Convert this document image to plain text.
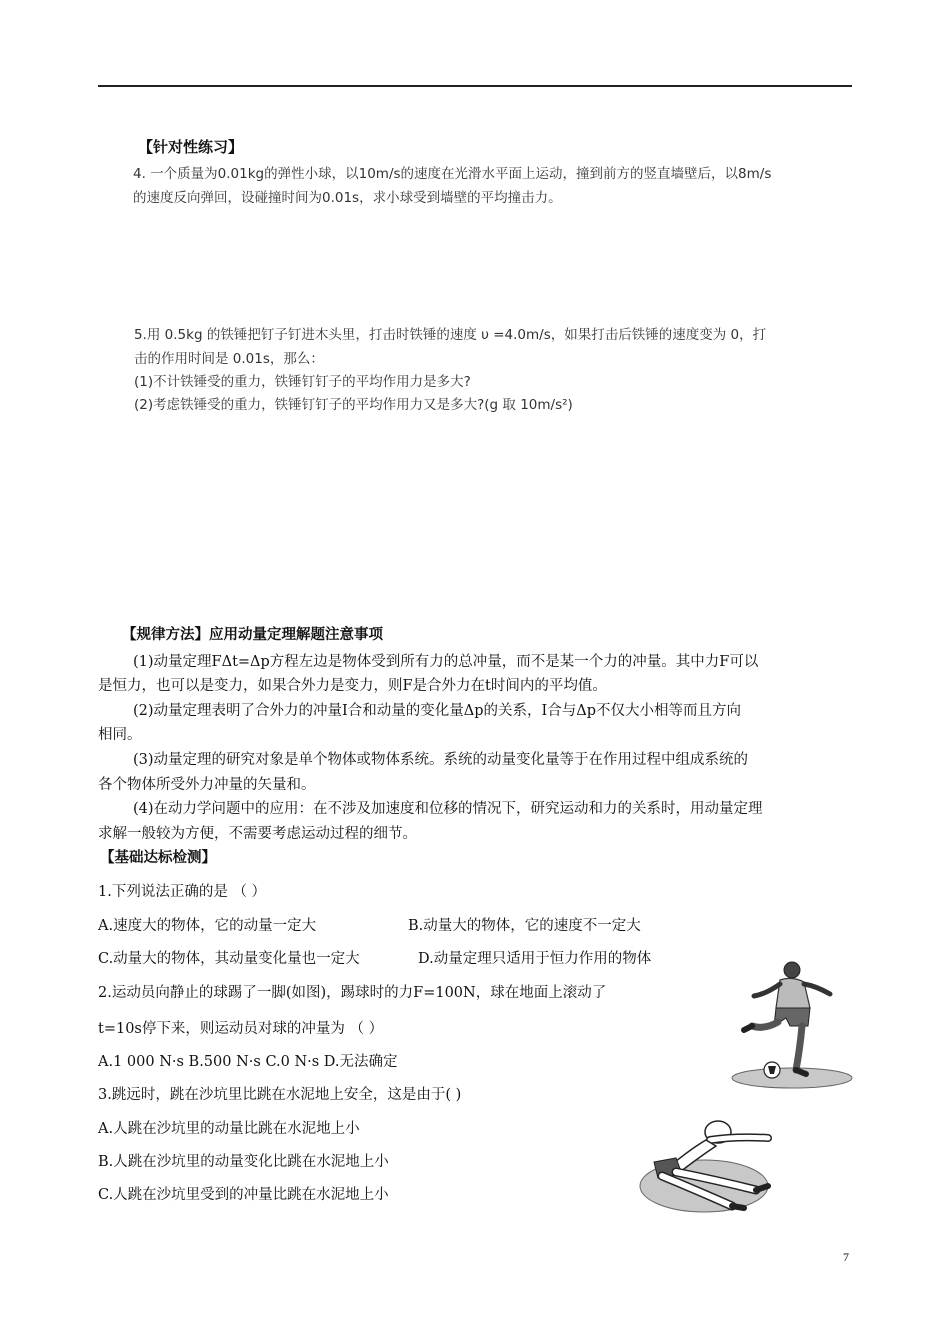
【针对性练习】
4. 一个质量为0.01kg的弹性小球，以10m/s的速度在光滑水平面上运动，撞到前方的竖直墙壁后，以8m/s
的速度反向弹回，设碰撞时间为0.01s，求小球受到墙壁的平均撞击力。
5.用 0.5kg 的铁锤把钉子钉进木头里，打击时铁锤的速度 υ =4.0m/s，如果打击后铁锤的速度变为 0，打
击的作用时间是 0.01s，那么：
(1)不计铁锤受的重力，铁锤钉钉子的平均作用力是多大?
(2)考虑铁锤受的重力，铁锤钉钉子的平均作用力又是多大?(g 取 10m/s²)
【规律方法】应用动量定理解题注意事项
(1)动量定理FΔt=Δp方程左边是物体受到所有力的总冲量，而不是某一个力的冲量。其中力F可以
是恒力，也可以是变力，如果合外力是变力，则F是合外力在t时间内的平均值。
(2)动量定理表明了合外力的冲量I合和动量的变化量Δp的关系，I合与Δp不仅大小相等而且方向
相同。
(3)动量定理的研究对象是单个物体或物体系统。系统的动量变化量等于在作用过程中组成系统的
各个物体所受外力冲量的矢量和。
(4)在动力学问题中的应用：在不涉及加速度和位移的情况下，研究运动和力的关系时，用动量定理
求解一般较为方便，不需要考虑运动过程的细节。
【基础达标检测】
1.下列说法正确的是 （ ）
A.速度大的物体，它的动量一定大	B.动量大的物体，它的速度不一定大
C.动量大的物体，其动量变化量也一定大	D.动量定理只适用于恒力作用的物体
2.运动员向静止的球踢了一脚(如图)，踢球时的力F=100N，球在地面上滚动了
t=10s停下来，则运动员对球的冲量为 （ ）
A.1 000 N·s B.500 N·s C.0 N·s D.无法确定
3.跳远时，跳在沙坑里比跳在水泥地上安全，这是由于( )
A.人跳在沙坑里的动量比跳在水泥地上小
B.人跳在沙坑里的动量变化比跳在水泥地上小
C.人跳在沙坑里受到的冲量比跳在水泥地上小
7
